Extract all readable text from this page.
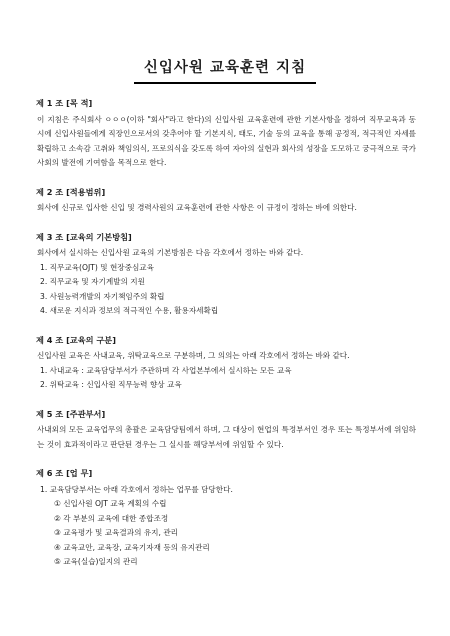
신입사원 교육훈련 지침
제 1 조 [목 적]

이 지침은 주식회사 ㅇㅇㅇ(이하 "회사"라고 한다)의 신입사원 교육훈련에 관한 기본사항을 정하여 직무교육과 동시에 신입사원들에게 직장인으로서의 갖추어야 할 기본지식, 태도, 기술 등의 교육을 통해 공정적, 적극적인 자세를 확립하고 소속감 고취와 책임의식, 프로의식을 갖도록 하여 자아의 실현과 회사의 성장을 도모하고 궁극적으로 국가사회의 발전에 기여함을 목적으로 한다.

제 2 조 [적용범위]

회사에 신규로 입사한 신입 및 경력사원의 교육훈련에 관한 사항은 이 규정이 정하는 바에 의한다.

제 3 조 [교육의 기본방침]

회사에서 실시하는 신입사원 교육의 기본방침은 다음 각호에서 정하는 바와 같다.

1. 직무교육(OJT) 및 현장중심교육
2. 직무교육 및 자기계발의 지원
3. 사원능력개발의 자기책임주의 확립
4. 새로운 지식과 정보의 적극적인 수용, 활용자세확립
제 4 조 [교육의 구분]

신입사원 교육은 사내교육, 위탁교육으로 구분하며, 그 의의는 아래 각호에서 정하는 바와 같다.

1. 사내교육 : 교육담당부서가 주관하며 각 사업본부에서 실시하는 모든 교육
2. 위탁교육 : 신입사원 직무능력 향상 교육
제 5 조 [주관부서]

사내외의 모든 교육업무의 총괄은 교육담당팀에서 하며, 그 대상이 현업의 특정부서인 경우 또는 특정부서에 위임하는 것이 효과적이라고 판단된 경우는 그 실시를 해당부서에 위임할 수 있다.

제 6 조 [업 무]
1. 교육담당부서는 아래 각호에서 정하는 업무를 담당한다.
① 신입사원 OJT 교육 계획의 수립
② 각 부분의 교육에 대한 종합조정
③ 교육평가 및 교육결과의 유지, 관리
④ 교육교안, 교육장, 교육기자재 등의 유지관리
⑤ 교육(실습)일지의 관리
